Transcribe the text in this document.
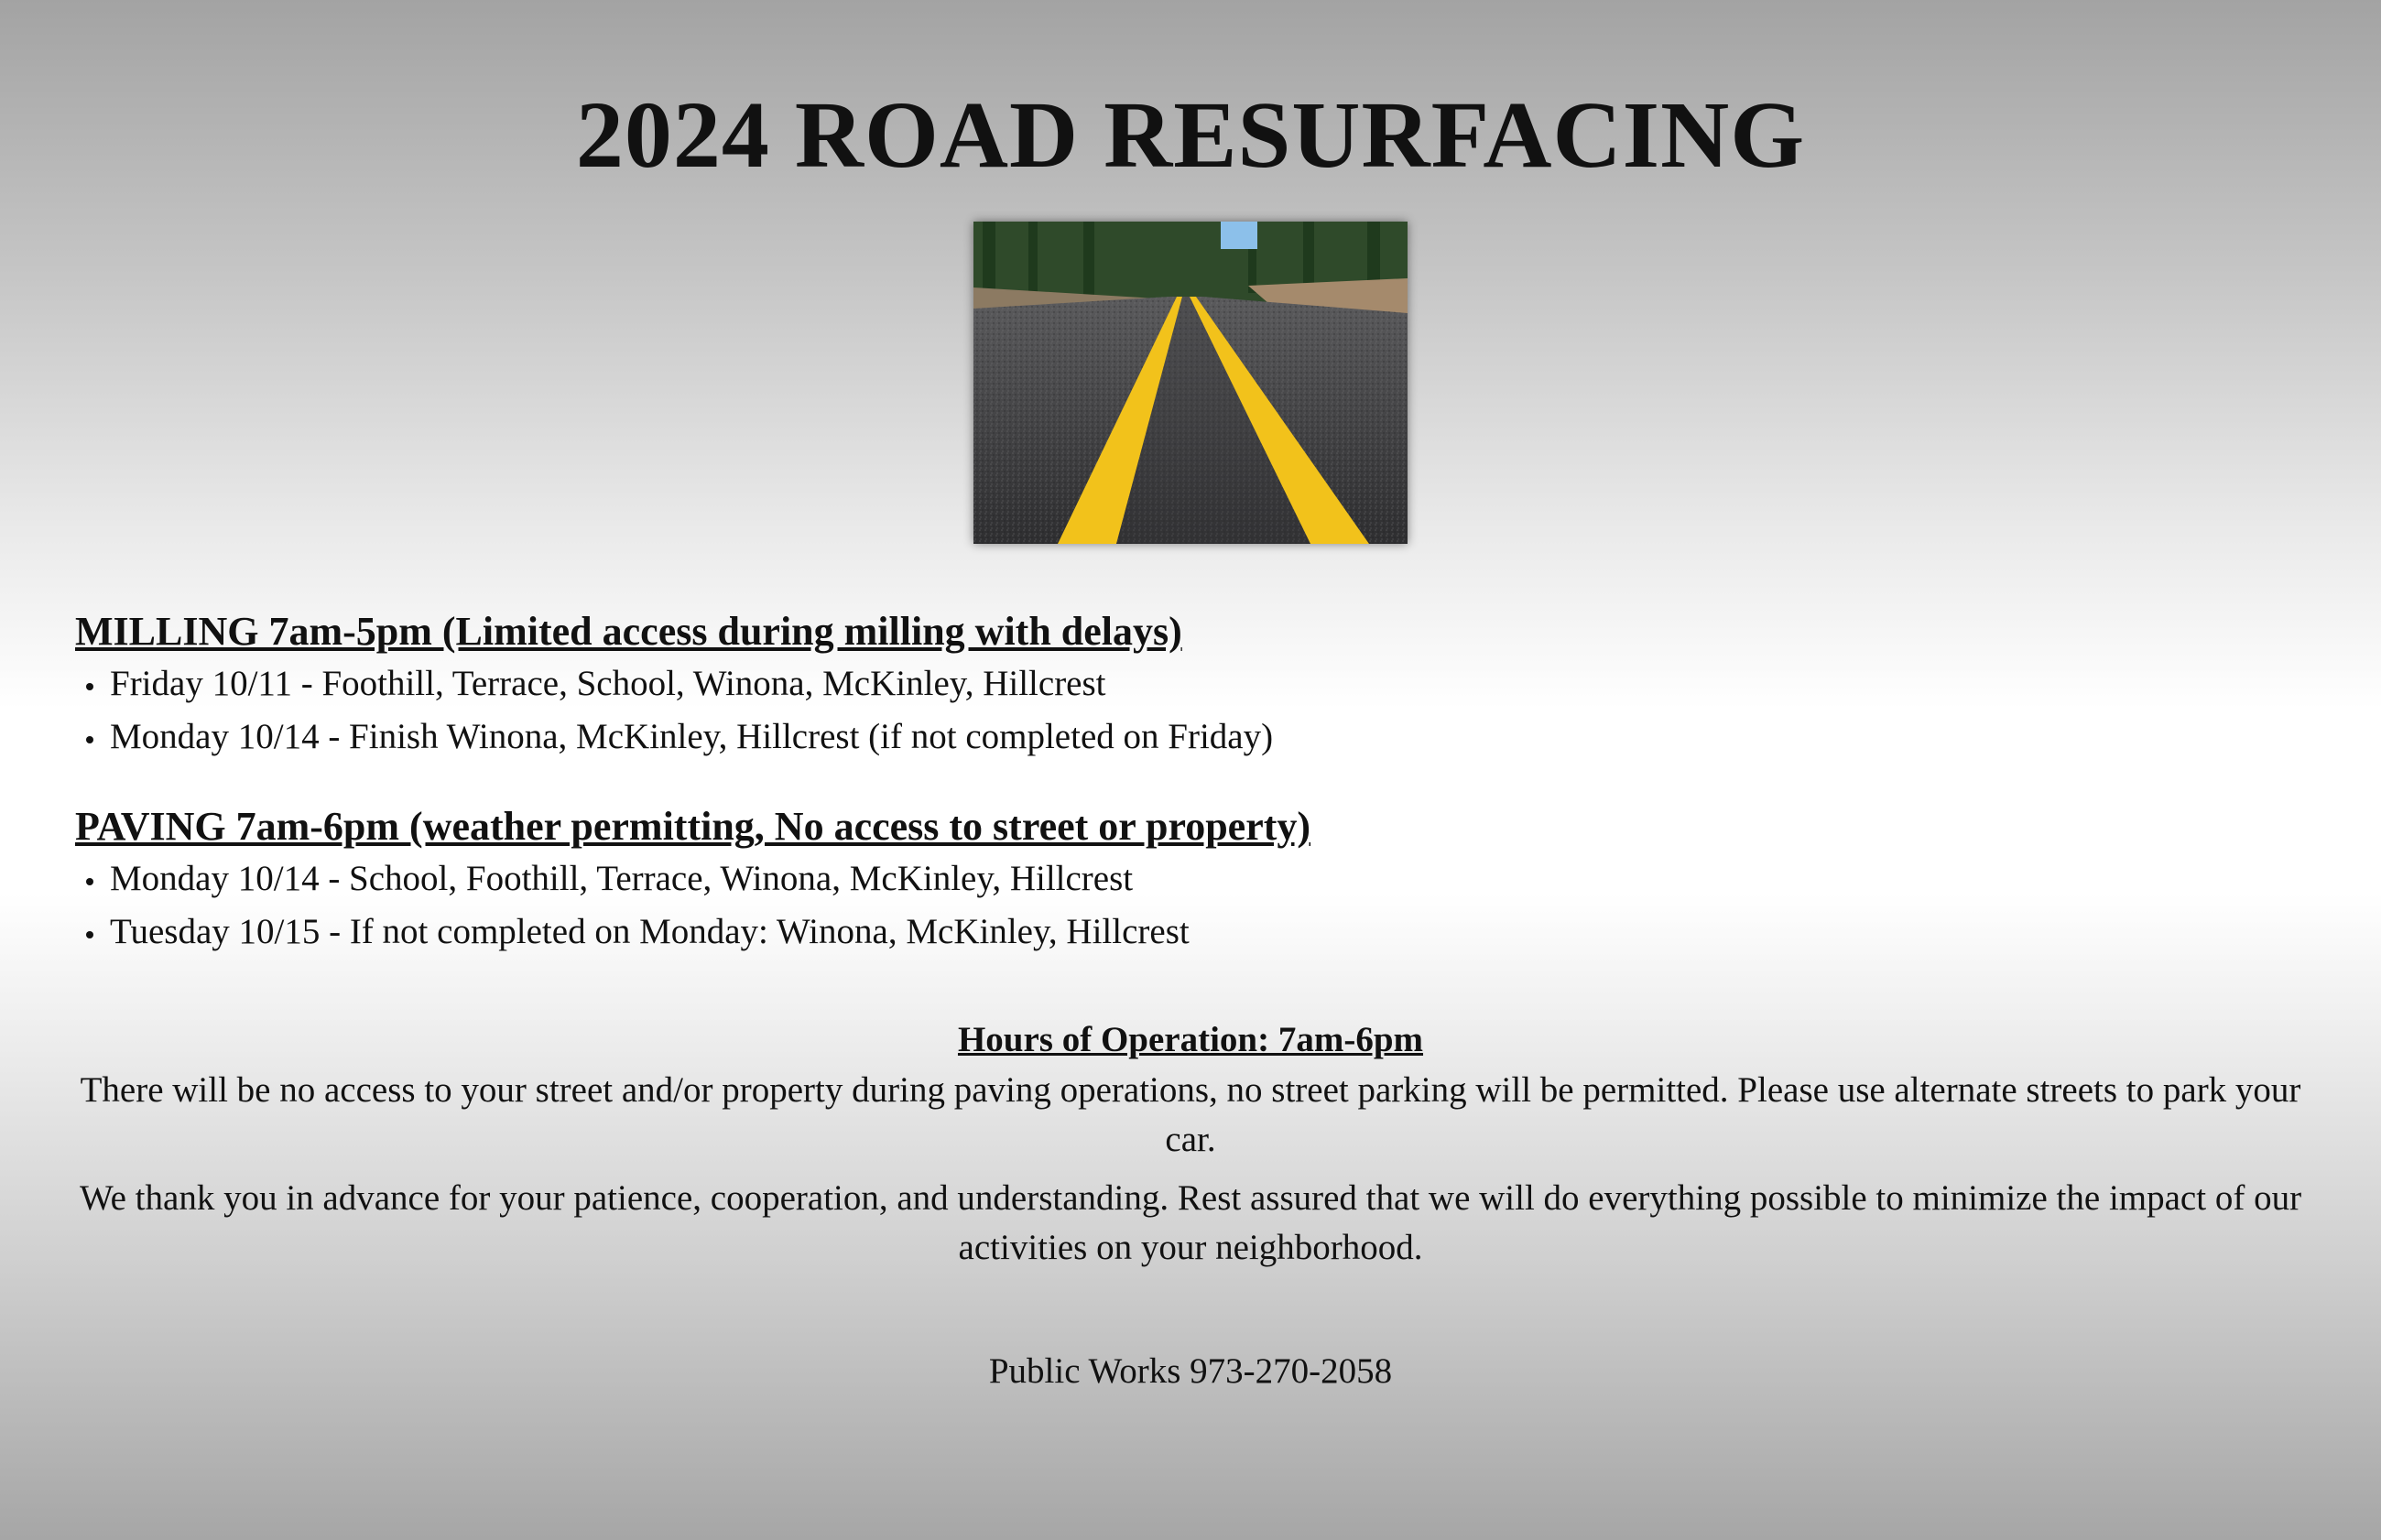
2024 ROAD RESURFACING

MILLING 7am-5pm (Limited access during milling with delays)

Friday 10/11 - Foothill, Terrace, School, Winona, McKinley, Hillcrest
Monday 10/14 - Finish Winona, McKinley, Hillcrest (if not completed on Friday)

PAVING 7am-6pm (weather permitting, No access to street or property)

Monday 10/14 - School, Foothill, Terrace, Winona, McKinley, Hillcrest
Tuesday 10/15 - If not completed on Monday: Winona, McKinley, Hillcrest

Hours of Operation: 7am-6pm

There will be no access to your street and/or property during paving operations, no street parking will be permitted. Please use alternate streets to park your car.

We thank you in advance for your patience, cooperation, and understanding. Rest assured that we will do everything possible to minimize the impact of our activities on your neighborhood.

Public Works 973-270-2058
